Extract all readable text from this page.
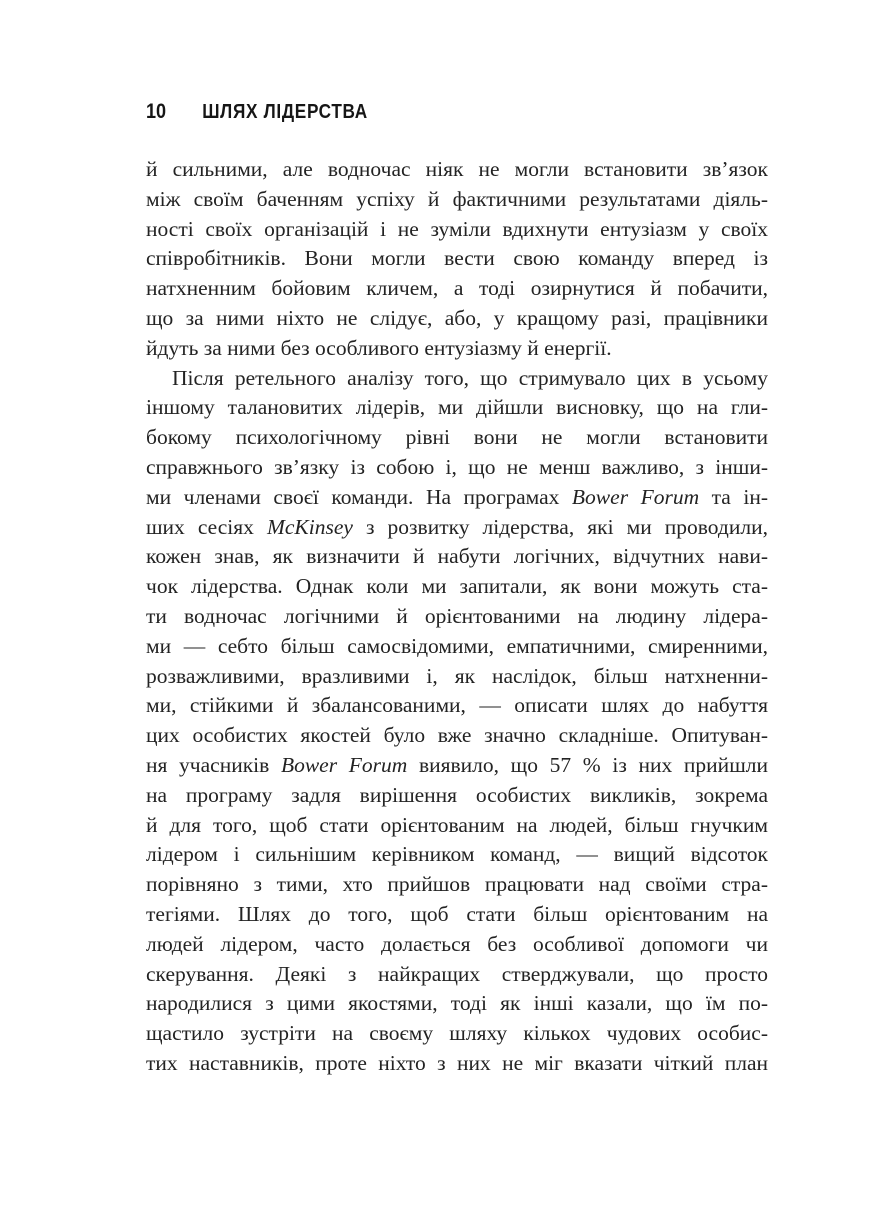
10 ШЛЯХ ЛІДЕРСТВА
й сильними, але водночас ніяк не могли встановити зв’язок
між своїм баченням успіху й фактичними результатами діяль-
ності своїх організацій і не зуміли вдихнути ентузіазм у своїх
співробітників. Вони могли вести свою команду вперед із
натхненним бойовим кличем, а тоді озирнутися й побачити,
що за ними ніхто не слідує, або, у кращому разі, працівники
йдуть за ними без особливого ентузіазму й енергії.
Після ретельного аналізу того, що стримувало цих в усьому
іншому талановитих лідерів, ми дійшли висновку, що на гли-
бокому психологічному рівні вони не могли встановити
справжнього зв’язку із собою і, що не менш важливо, з інши-
ми членами своєї команди. На програмах Bower Forum та ін-
ших сесіях McKinsey з розвитку лідерства, які ми проводили,
кожен знав, як визначити й набути логічних, відчутних нави-
чок лідерства. Однак коли ми запитали, як вони можуть ста-
ти водночас логічними й орієнтованими на людину лідера-
ми — себто більш самосвідомими, емпатичними, смиренними,
розважливими, вразливими і, як наслідок, більш натхненни-
ми, стійкими й збалансованими, — описати шлях до набуття
цих особистих якостей було вже значно складніше. Опитуван-
ня учасників Bower Forum виявило, що 57 % із них прийшли
на програму задля вирішення особистих викликів, зокрема
й для того, щоб стати орієнтованим на людей, більш гнучким
лідером і сильнішим керівником команд, — вищий відсоток
порівняно з тими, хто прийшов працювати над своїми стра-
тегіями. Шлях до того, щоб стати більш орієнтованим на
людей лідером, часто долається без особливої допомоги чи
скерування. Деякі з найкращих стверджували, що просто
народилися з цими якостями, тоді як інші казали, що їм по-
щастило зустріти на своєму шляху кількох чудових особис-
тих наставників, проте ніхто з них не міг вказати чіткий план
